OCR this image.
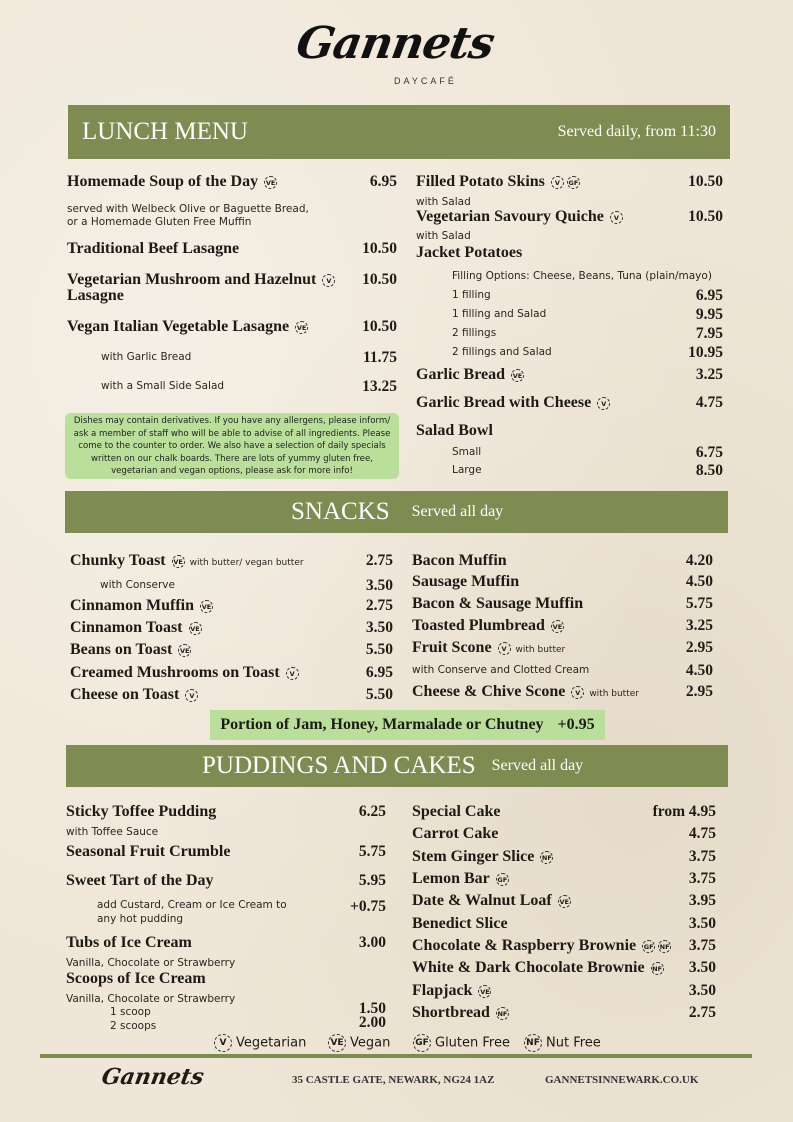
Gannets
DAYCAFÉ
LUNCH MENU	Served daily, from 11:30
Dishes may contain derivatives. If you have any allergens, please inform/ ask a member of staff who will be able to advise of all ingredients. Please come to the counter to order. We also have a selection of daily specials written on our chalk boards. There are lots of yummy gluten free, vegetarian and vegan options, please ask for more info!
SNACKS Served all day
Portion of Jam, Honey, Marmalade or Chutney +0.95
PUDDINGS AND CAKES Served all day
V Vegetarian	VE Vegan	GF Gluten Free NF Nut Free
Gannets	35 CASTLE GATE, NEWARK, NG24 1AZ	GANNETSINNEWARK.CO.UK
Homemade Soup of the Day VE	6.95
served with Welbeck Olive or Baguette Bread,
or a Homemade Gluten Free Muffin
Traditional Beef Lasagne	10.50
Vegetarian Mushroom and Hazelnut V 10.50
Lasagne
Vegan Italian Vegetable Lasagne VE	10.50
with Garlic Bread	11.75
with a Small Side Salad	13.25
Filled Potato Skins V GF	10.50
with Salad
Vegetarian Savoury Quiche V	10.50
with Salad
Jacket Potatoes
Filling Options: Cheese, Beans, Tuna (plain/mayo)
1 filling	6.95
1 filling and Salad	9.95
2 fillings	7.95
2 fillings and Salad	10.95
Garlic Bread VE	3.25
Garlic Bread with Cheese V	4.75
Salad Bowl
Small	6.75
Large	8.50
Chunky Toast VE with butter/ vegan butter	2.75
with Conserve	3.50
Cinnamon Muffin VE	2.75
Cinnamon Toast VE	3.50
Beans on Toast VE	5.50
Creamed Mushrooms on Toast V	6.95
Cheese on Toast V	5.50
Bacon Muffin	4.20
Sausage Muffin	4.50
Bacon & Sausage Muffin	5.75
Toasted Plumbread VE	3.25
Fruit Scone V with butter	2.95
with Conserve and Clotted Cream	4.50
Cheese & Chive Scone V with butter	2.95
Sticky Toffee Pudding	6.25
with Toffee Sauce
Seasonal Fruit Crumble	5.75
Sweet Tart of the Day	5.95
add Custard, Cream or Ice Cream to
any hot pudding
+0.75
Tubs of Ice Cream	3.00
Vanilla, Chocolate or Strawberry
Scoops of Ice Cream
Vanilla, Chocolate or Strawberry
1 scoop	1.50
2 scoops	2.00
Special Cake	from 4.95
Carrot Cake	4.75
Stem Ginger Slice NF	3.75
Lemon Bar GF	3.75
Date & Walnut Loaf VE	3.95
Benedict Slice	3.50
Chocolate & Raspberry Brownie GF NF 3.75
White & Dark Chocolate Brownie NF 3.50
Flapjack VE	3.50
Shortbread NF	2.75
